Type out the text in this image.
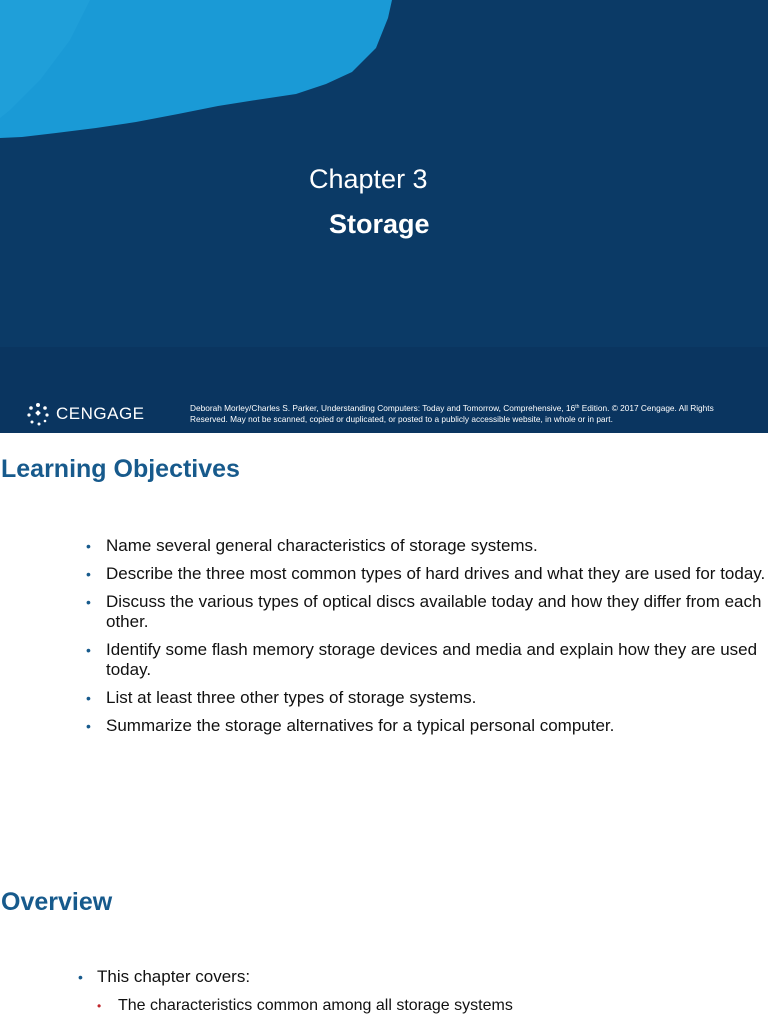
Chapter 3
Storage
CENGAGE	Deborah Morley/Charles S. Parker, Understanding Computers: Today and Tomorrow, Comprehensive, 16th Edition. © 2017 Cengage. All Rights Reserved. May not be scanned, copied or duplicated, or posted to a publicly accessible website, in whole or in part.
Learning Objectives
• Name several general characteristics of storage systems.
• Describe the three most common types of hard drives and what they are used for today.
• Discuss the various types of optical discs available today and how they differ from each other.
• Identify some flash memory storage devices and media and explain how they are used today.
• List at least three other types of storage systems.
• Summarize the storage alternatives for a typical personal computer.
Overview
• This chapter covers:
• The characteristics common among all storage systems
